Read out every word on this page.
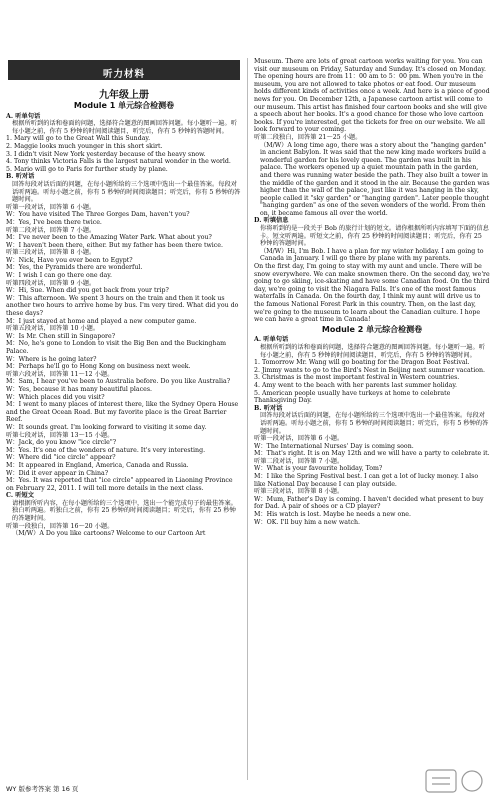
听力材料
九年级上册
Module 1 单元综合检测卷

A. 听单句话

根据所听到的话和卷面的问题，选择符合题意的图画回答问题。每小题听一遍。听每小题之前，你有 5 秒钟的时间阅读题目，听完后，你有 5 秒钟的答题时间。

1. Mary will go to the Great Wall this Sunday.

2. Maggie looks much younger in this short skirt.

3. I didn't visit New York yesterday because of the heavy snow.

4. Tony thinks Victoria Falls is the largest natural wonder in the world.

5. Mario will go to Paris for further study by plane.

B. 听对话

回答每段对话后面的问题，在每小题所给的三个选项中选出一个最佳答案。每段对话听两遍。听每小题之前，你有 5 秒钟的时间阅读题目；听完后，你有 5 秒钟的答题时间。

听第一段对话，回答第 6 小题。

W：You have visited The Three Gorges Dam, haven't you?

M：Yes, I've been there twice.

听第二段对话，回答第 7 小题。

M：I've never been to the Amazing Water Park. What about you?

W：I haven't been there, either. But my father has been there twice.

听第三段对话，回答第 8 小题。

W：Nick, Have you ever been to Egypt?

M：Yes, the Pyramids there are wonderful.

W：I wish I can go there one day.

听第四段对话，回答第 9 小题。

W：Hi, Sue. When did you get back from your trip?

W：This afternoon. We spent 3 hours on the train and then it took us another two hours to arrive home by bus. I'm very tired. What did you do these days?

M：I just stayed at home and played a new computer game.

听第五段对话，回答第 10 小题。

W：Is Mr. Chen still in Singapore?

M：No, he's gone to London to visit the Big Ben and the Buckingham Palace.

W：Where is he going later?

M：Perhaps he'll go to Hong Kong on business next week.

听第六段对话，回答第 11～12 小题。

M：Sam, I hear you've been to Australia before. Do you like Australia?

W：Yes, because it has many beautiful places.

W：Which places did you visit?

M：I went to many places of interest there, like the Sydney Opera House and the Great Ocean Road. But my favorite place is the Great Barrier Reef.

W：It sounds great. I'm looking forward to visiting it some day.

听第七段对话，回答第 13～15 小题。

W：Jack, do you know "ice circle"?

M：Yes. It's one of the wonders of nature. It's very interesting.

W：Where did "ice circle" appear?

M：It appeared in England, America, Canada and Russia.

W：Did it ever appear in China?

M：Yes. It was reported that "ice circle" appeared in Liaoning Province on February 22, 2011. I will tell more details in the next class.

C. 听短文

请根据所听内容，在每小题所给的三个选项中，选出一个能完成句子的最佳答案。独白听两遍。听独白之前，你有 25 秒钟的时间阅读题目；听完后，你有 25 秒钟的答题时间。

听第一段独白，回答第 16～20 小题。

（M/W）A Do you like cartoons? Welcome to our Cartoon Art

Museum. There are lots of great cartoon works waiting for you. You can visit our museum on Friday, Saturday and Sunday. It's closed on Monday. The opening hours are from 11：00 am to 5：00 pm. When you're in the museum, you are not allowed to take photos or eat food. Our museum holds different kinds of activities once a week. And here is a piece of good news for you. On December 12th, a Japanese cartoon artist will come to our museum. This artist has finished four cartoon books and she will give a speech about her books. It's a good chance for those who love cartoon books. If you're interested, get the tickets for free on our website. We all look forward to your coming.

听第二段独白，回答第 21～25 小题。

（M/W）A long time ago, there was a story about the "hanging garden" in ancient Babylon. It was said that the new king made workers build a wonderful garden for his lovely queen. The garden was built in his palace. The workers opened up a quiet mountain path in the garden, and there was running water beside the path. They also built a tower in the middle of the garden and it stood in the air. Because the garden was higher than the wall of the palace, just like it was hanging in the sky, people called it "sky garden" or "hanging garden". Later people thought "hanging garden" as one of the seven wonders of the world. From then on, it became famous all over the world.

D. 听填信息

你将听到的是一段关于 Bob 的旅行计划的短文。请你根据所听内容填写下面的信息卡。短文听两遍。听短文之前，你有 25 秒钟的时间阅读题目；听完后，你有 25 秒钟的答题时间。

（M/W）Hi, I'm Bob. I have a plan for my winter holiday. I am going to Canada in January. I will go there by plane with my parents.

On the first day, I'm going to stay with my aunt and uncle. There will be snow everywhere. We can make snowmen there. On the second day, we're going to go skiing, ice-skating and have some Canadian food. On the third day, we're going to visit the Niagara Falls. It's one of the most famous waterfalls in Canada. On the fourth day, I think my aunt will drive us to the famous National Forest Park in this country. Then, on the last day, we're going to the museum to learn about the Canadian culture. I hope we can have a great time in Canada!

Module 2 单元综合检测卷

A. 听单句话

根据所听到的话和卷面的问题，选择符合题意的图画回答问题。每小题听一遍。听每小题之前，你有 5 秒钟的时间阅读题目，听完后，你有 5 秒钟的答题时间。

1. Tomorrow Mr. Wang will go boating for the Dragon Boat Festival.

2. Jimmy wants to go to the Bird's Nest in Beijing next summer vacation.

3. Christmas is the most important festival in Western countries.

4. Amy went to the beach with her parents last summer holiday.

5. American people usually have turkeys at home to celebrate Thanksgiving Day.

B. 听对话

回答每段对话后面的问题，在每小题所给的三个选项中选出一个最佳答案。每段对话听两遍。听每小题之前，你有 5 秒钟的时间阅读题目；听完后，你有 5 秒钟的答题时间。

听第一段对话，回答第 6 小题。

W：The International Nurses' Day is coming soon.

M：That's right. It is on May 12th and we will have a party to celebrate it.

听第二段对话，回答第 7 小题。

W：What is your favourite holiday, Tom?

M：I like the Spring Festival best. I can get a lot of lucky money. I also like National Day because I can play outside.

听第三段对话，回答第 8 小题。

W：Mum, Father's Day is coming. I haven't decided what present to buy for Dad. A pair of shoes or a CD player?

M：His watch is lost. Maybe he needs a new one.

W：OK. I'll buy him a new watch.

WY 版参考答案 第 16 页
